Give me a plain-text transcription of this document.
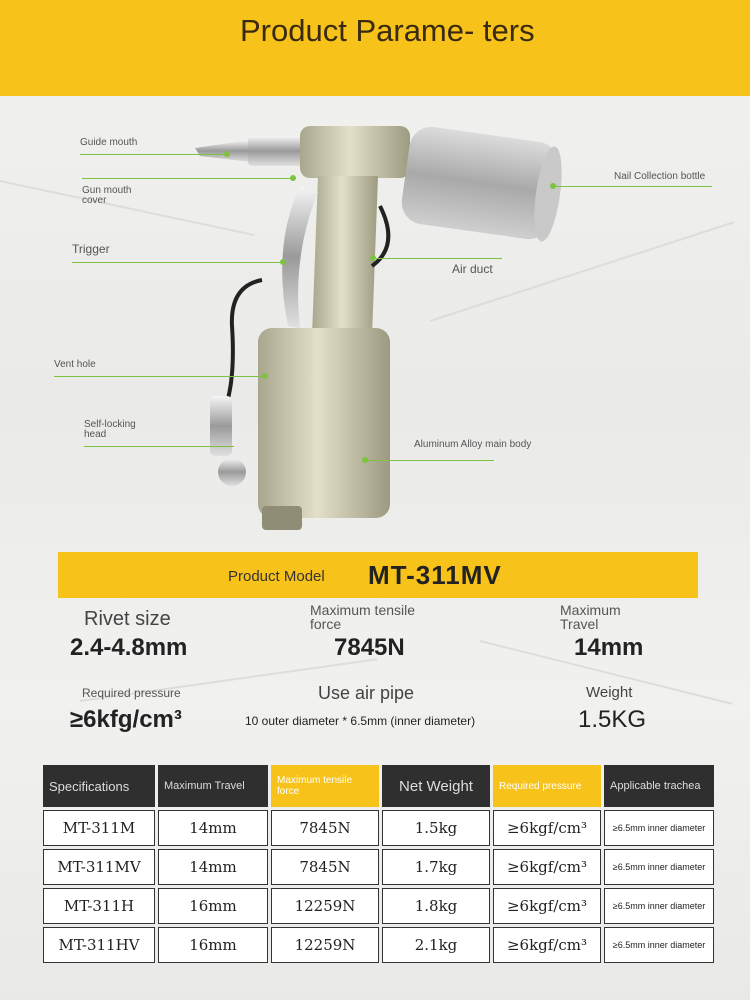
Product Parame- ters
Guide mouth
Gun mouth cover
Trigger
Vent hole
Self-locking head
Nail Collection bottle
Air duct
Aluminum Alloy main body
Product Model MT-311MV
Rivet size
2.4-4.8mm
Maximum tensile force
7845N
Maximum Travel
14mm
Required pressure
≥6kfg/cm³
Use air pipe
10 outer diameter * 6.5mm (inner diameter)
Weight
1.5KG
Specifications	Maximum Travel	Maximum tensile force	Net Weight	Required pressure	Applicable trachea
MT-311M	14mm	7845N	1.5kg	≥6kgf/cm³	≥6.5mm inner diameter
MT-311MV	14mm	7845N	1.7kg	≥6kgf/cm³	≥6.5mm inner diameter
MT-311H	16mm	12259N	1.8kg	≥6kgf/cm³	≥6.5mm inner diameter
MT-311HV	16mm	12259N	2.1kg	≥6kgf/cm³	≥6.5mm inner diameter
